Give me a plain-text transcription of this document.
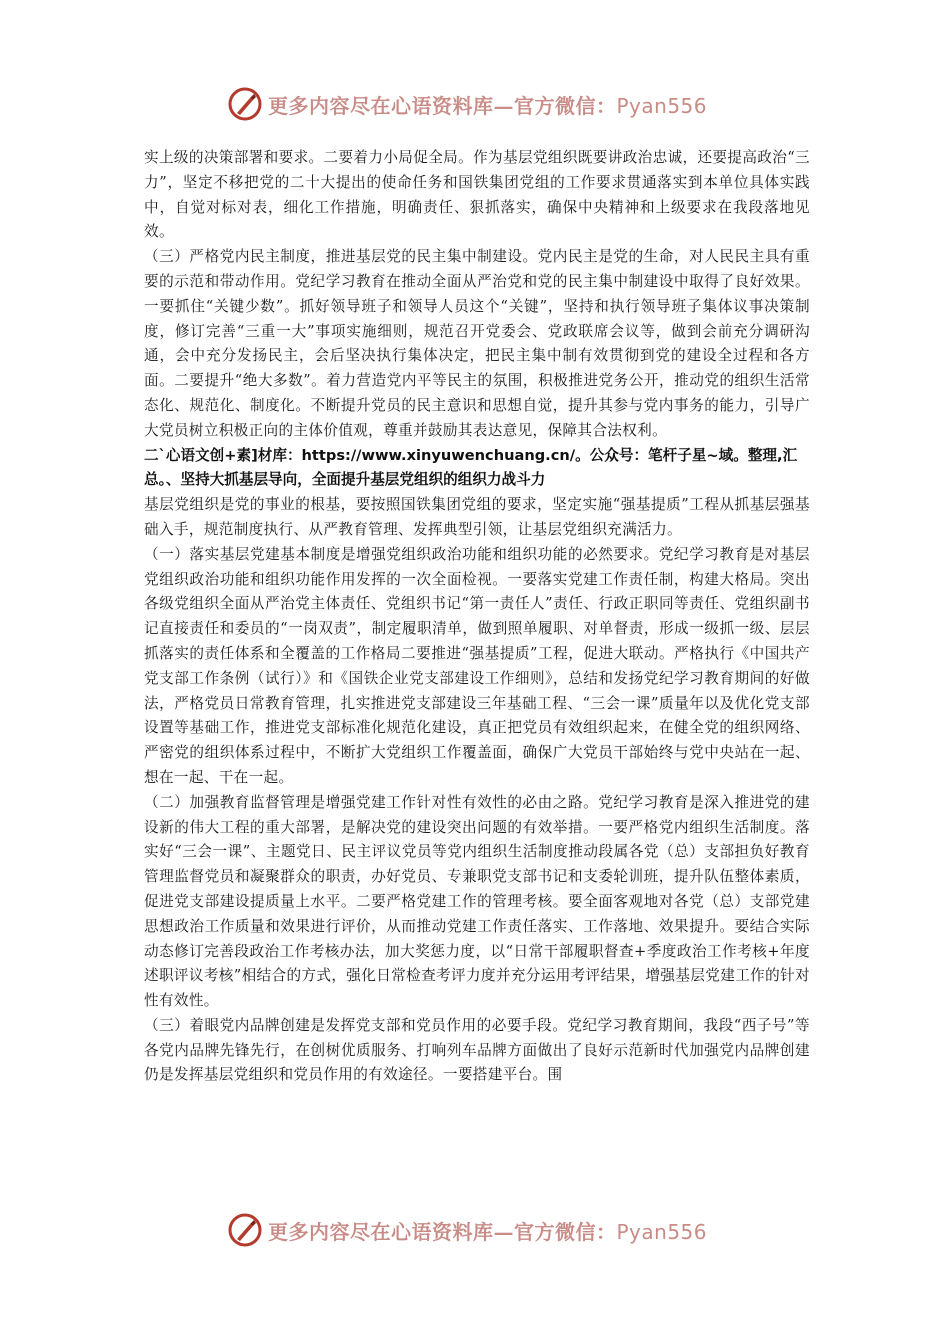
更多内容尽在心语资料库—官方微信：Pyan556

实上级的决策部署和要求。二要着力小局促全局。作为基层党组织既要讲政治忠诚，还要提高政治“三力”，坚定不移把党的二十大提出的使命任务和国铁集团党组的工作要求贯通落实到本单位具体实践中，自觉对标对表，细化工作措施，明确责任、狠抓落实，确保中央精神和上级要求在我段落地见效。

（三）严格党内民主制度，推进基层党的民主集中制建设。党内民主是党的生命，对人民民主具有重要的示范和带动作用。党纪学习教育在推动全面从严治党和党的民主集中制建设中取得了良好效果。一要抓住“关键少数”。抓好领导班子和领导人员这个“关键”，坚持和执行领导班子集体议事决策制度，修订完善“三重一大”事项实施细则，规范召开党委会、党政联席会议等，做到会前充分调研沟通，会中充分发扬民主，会后坚决执行集体决定，把民主集中制有效贯彻到党的建设全过程和各方面。二要提升“绝大多数”。着力营造党内平等民主的氛围，积极推进党务公开，推动党的组织生活常态化、规范化、制度化。不断提升党员的民主意识和思想自觉，提升其参与党内事务的能力，引导广大党员树立积极正向的主体价值观，尊重并鼓励其表达意见，保障其合法权利。

二`心语文创+素]材库：https://www.xinyuwenchuang.cn/。公众号：笔杆子星~域。整理,汇总。、坚持大抓基层导向，全面提升基层党组织的组织力战斗力

基层党组织是党的事业的根基，要按照国铁集团党组的要求，坚定实施“强基提质”工程从抓基层强基础入手，规范制度执行、从严教育管理、发挥典型引领，让基层党组织充满活力。

（一）落实基层党建基本制度是增强党组织政治功能和组织功能的必然要求。党纪学习教育是对基层党组织政治功能和组织功能作用发挥的一次全面检视。一要落实党建工作责任制，构建大格局。突出各级党组织全面从严治党主体责任、党组织书记“第一责任人”责任、行政正职同等责任、党组织副书记直接责任和委员的“一岗双责”，制定履职清单，做到照单履职、对单督责，形成一级抓一级、层层抓落实的责任体系和全覆盖的工作格局二要推进“强基提质”工程，促进大联动。严格执行《中国共产党支部工作条例（试行）》和《国铁企业党支部建设工作细则》，总结和发扬党纪学习教育期间的好做法，严格党员日常教育管理，扎实推进党支部建设三年基础工程、“三会一课”质量年以及优化党支部设置等基础工作，推进党支部标准化规范化建设，真正把党员有效组织起来，在健全党的组织网络、严密党的组织体系过程中，不断扩大党组织工作覆盖面，确保广大党员干部始终与党中央站在一起、想在一起、干在一起。

（二）加强教育监督管理是增强党建工作针对性有效性的必由之路。党纪学习教育是深入推进党的建设新的伟大工程的重大部署，是解决党的建设突出问题的有效举措。一要严格党内组织生活制度。落实好“三会一课”、主题党日、民主评议党员等党内组织生活制度推动段属各党（总）支部担负好教育管理监督党员和凝聚群众的职责，办好党员、专兼职党支部书记和支委轮训班，提升队伍整体素质，促进党支部建设提质量上水平。二要严格党建工作的管理考核。要全面客观地对各党（总）支部党建思想政治工作质量和效果进行评价，从而推动党建工作责任落实、工作落地、效果提升。要结合实际动态修订完善段政治工作考核办法，加大奖惩力度，以“日常干部履职督查+季度政治工作考核+年度述职评议考核”相结合的方式，强化日常检查考评力度并充分运用考评结果，增强基层党建工作的针对性有效性。

（三）着眼党内品牌创建是发挥党支部和党员作用的必要手段。党纪学习教育期间，我段“西子号”等各党内品牌先锋先行，在创树优质服务、打响列车品牌方面做出了良好示范新时代加强党内品牌创建仍是发挥基层党组织和党员作用的有效途径。一要搭建平台。围

更多内容尽在心语资料库—官方微信：Pyan556
